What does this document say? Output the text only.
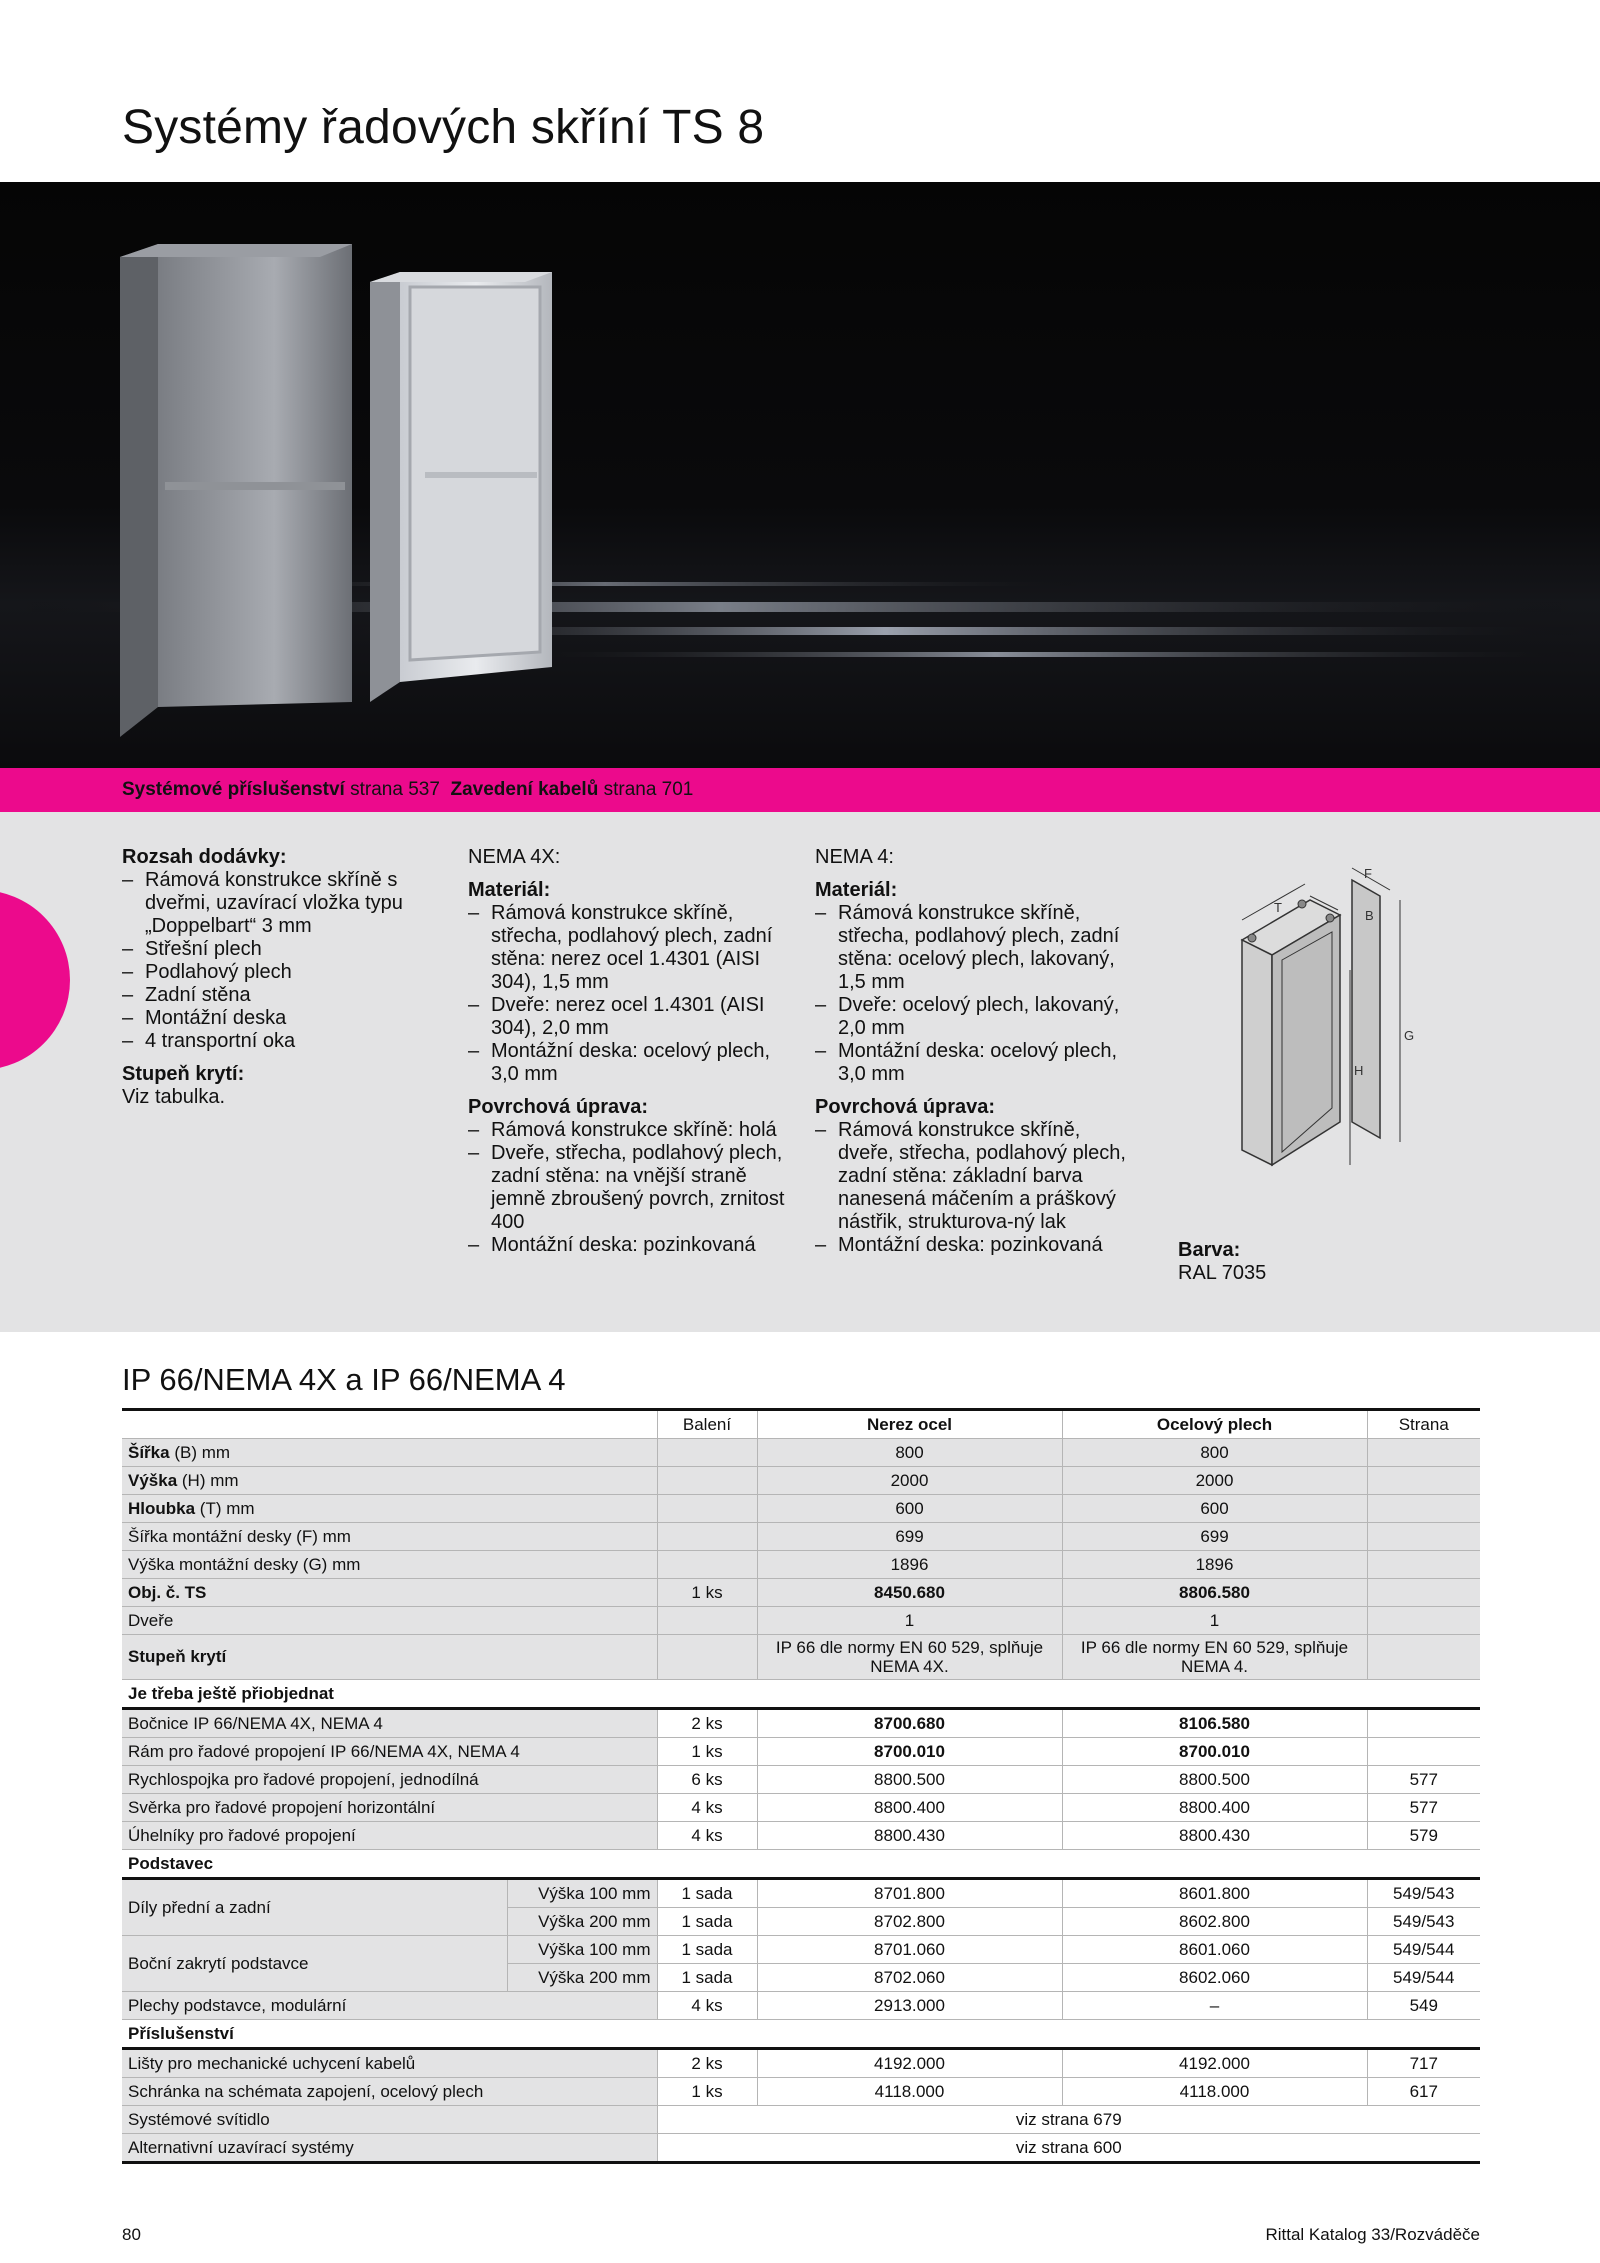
Systémy řadových skříní TS 8
Systémové příslušenství strana 537 Zavedení kabelů strana 701
Rozsah dodávky:
– Rámová konstrukce skříně s dveřmi, uzavírací vložka typu „Doppelbart“ 3 mm
– Střešní plech
– Podlahový plech
– Zadní stěna
– Montážní deska
– 4 transportní oka
Stupeň krytí:
Viz tabulka.
NEMA 4X:
Materiál:
– Rámová konstrukce skříně, střecha, podlahový plech, zadní stěna: nerez ocel 1.4301 (AISI 304), 1,5 mm
– Dveře: nerez ocel 1.4301 (AISI 304), 2,0 mm
– Montážní deska: ocelový plech, 3,0 mm
Povrchová úprava:
– Rámová konstrukce skříně: holá
– Dveře, střecha, podlahový plech, zadní stěna: na vnější straně jemně zbroušený povrch, zrnitost 400
– Montážní deska: pozinkovaná
NEMA 4:
Materiál:
– Rámová konstrukce skříně, střecha, podlahový plech, zadní stěna: ocelový plech, lakovaný, 1,5 mm
– Dveře: ocelový plech, lakovaný, 2,0 mm
– Montážní deska: ocelový plech, 3,0 mm
Povrchová úprava:
– Rámová konstrukce skříně, dveře, střecha, podlahový plech, zadní stěna: základní barva nanesená máčením a práškový nástřik, strukturova-ný lak
– Montážní deska: pozinkovaná
T
F
B
G
H
Barva:
RAL 7035
IP 66/NEMA 4X a IP 66/NEMA 4
		Balení	Nerez ocel	Ocelový plech	Strana
Šířka (B) mm			800	800	
Výška (H) mm			2000	2000	
Hloubka (T) mm			600	600	
Šířka montážní desky (F) mm			699	699	
Výška montážní desky (G) mm			1896	1896	
Obj. č. TS		1 ks	8450.680	8806.580	
Dveře			1	1	
Stupeň krytí			IP 66 dle normy EN 60 529, splňuje NEMA 4X.	IP 66 dle normy EN 60 529, splňuje NEMA 4.	
Je třeba ještě přiobjednat					
Bočnice IP 66/NEMA 4X, NEMA 4		2 ks	8700.680	8106.580	
Rám pro řadové propojení IP 66/NEMA 4X, NEMA 4		1 ks	8700.010	8700.010	
Rychlospojka pro řadové propojení, jednodílná		6 ks	8800.500	8800.500	577
Svěrka pro řadové propojení horizontální		4 ks	8800.400	8800.400	577
Úhelníky pro řadové propojení		4 ks	8800.430	8800.430	579
Podstavec					
Díly přední a zadní	Výška 100 mm	1 sada	8701.800	8601.800	549/543
	Výška 200 mm	1 sada	8702.800	8602.800	549/543
Boční zakrytí podstavce	Výška 100 mm	1 sada	8701.060	8601.060	549/544
	Výška 200 mm	1 sada	8702.060	8602.060	549/544
Plechy podstavce, modulární		4 ks	2913.000	–	549
Příslušenství					
Lišty pro mechanické uchycení kabelů		2 ks	4192.000	4192.000	717
Schránka na schémata zapojení, ocelový plech		1 ks	4118.000	4118.000	617
Systémové svítidlo		viz strana 679			
Alternativní uzavírací systémy		viz strana 600			
80	Rittal Katalog 33/Rozváděče
